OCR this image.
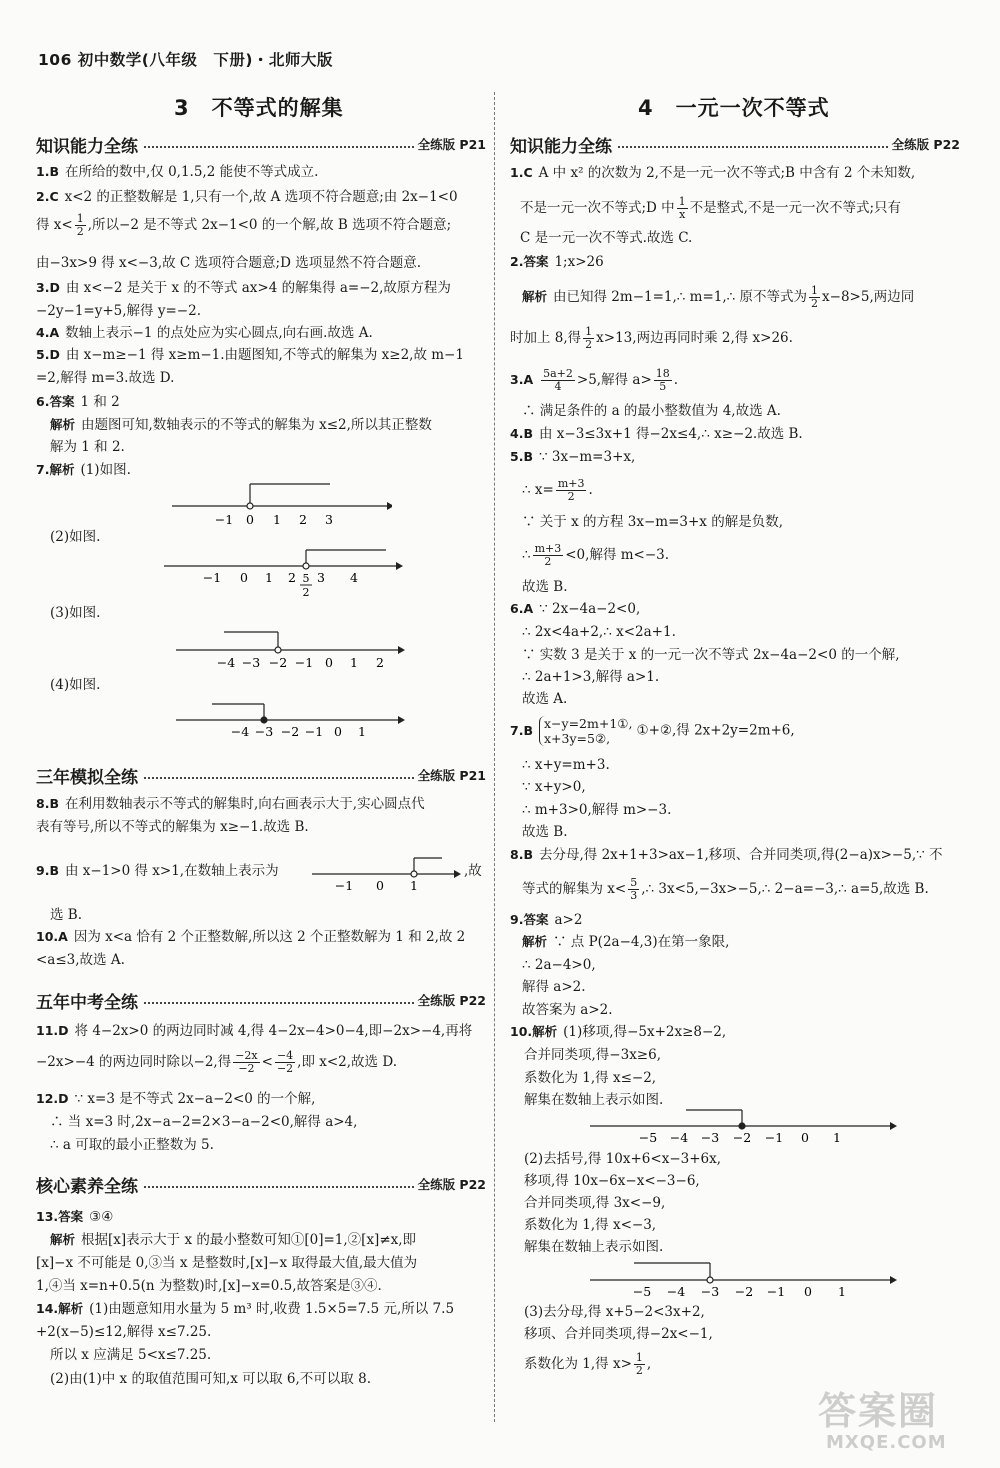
106 初中数学(八年级　下册)・北师大版
3　不等式的解集
知识能力全练	全练版 P21
1.B 在所给的数中,仅 0,1.5,2 能使不等式成立.
2.C x<2 的正整数解是 1,只有一个,故 A 选项不符合题意;由 2x−1<0
得 $x< \frac{1}{2}$ ,所以−2 是不等式 2x−1<0 的一个解,故 B 选项不符合题意;
由−3x>9 得 x<−3,故 C 选项符合题意;D 选项显然不符合题意.
3.D 由 x<−2 是关于 x 的不等式 ax>4 的解集得 a=−2,故原方程为
−2y−1=y+5,解得 y=−2.
4.A 数轴上表示−1 的点处应为实心圆点,向右画.故选 A.
5.D 由 x−m≥−1 得 x≥m−1.由题图知,不等式的解集为 x≥2,故 m−1
=2,解得 m=3.故选 D.
6.答案 1 和 2
解析 由题图可知,数轴表示的不等式的解集为 x≤2,所以其正整数
解为 1 和 2.
7.解析 (1)如图.
−1 0 1 2 3
(2)如图.
−1 0 1 2 3 4
5
2
(3)如图.
−4 −3 −2 −1 0 1 2
(4)如图.
−4 −3 −2 −1 0 1
三年模拟全练	全练版 P21
8.B 在利用数轴表示不等式的解集时,向右画表示大于,实心圆点代
表有等号,所以不等式的解集为 x≥−1.故选 B.
9.B 由 x−1>0 得 x>1,在数轴上表示为
−1 0 1
,故
选 B.
10.A 因为 x<a 恰有 2 个正整数解,所以这 2 个正整数解为 1 和 2,故 2
<a≤3,故选 A.
五年中考全练	全练版 P22
11.D 将 4−2x>0 的两边同时减 4,得 4−2x−4>0−4,即−2x>−4,再将
−2x>−4 的两边同时除以−2,得 $\frac{-2x}{-2} < \frac{-4}{-2}$ ,即 x<2,故选 D.
12.D ∵ x=3 是不等式 2x−a−2<0 的一个解,
∴ 当 x=3 时,2x−a−2=2×3−a−2<0,解得 a>4,
∴ a 可取的最小正整数为 5.
核心素养全练	全练版 P22
13.答案 ③④
解析 根据[x]表示大于 x 的最小整数可知①[0]=1,②[x]≠x,即
[x]−x 不可能是 0,③当 x 是整数时,[x]−x 取得最大值,最大值为
1,④当 x=n+0.5(n 为整数)时,[x]−x=0.5,故答案是③④.
14.解析 (1)由题意知用水量为 5 m³ 时,收费 1.5×5=7.5 元,所以 7.5
+2(x−5)≤12,解得 x≤7.25.
所以 x 应满足 5<x≤7.25.
(2)由(1)中 x 的取值范围可知,x 可以取 6,不可以取 8.
4　一元一次不等式
知识能力全练	全练版 P22
1.C A 中 x² 的次数为 2,不是一元一次不等式;B 中含有 2 个未知数,
不是一元一次不等式;D 中 $\frac{1}{x}$ 不是整式,不是一元一次不等式;只有
C 是一元一次不等式.故选 C.
2.答案 1;x>26
解析 由已知得 2m−1=1,∴ m=1,∴ 原不等式为 $\frac{1}{2} x-8>5$,两边同
时加上 8,得 $\frac{1}{2} x>13$,两边再同时乘 2,得 x>26.
$3.A \frac{5a+2}{4} >5$,解得 $a> \frac{18}{5}$ .
∴ 满足条件的 a 的最小整数值为 4,故选 A.
4.B 由 x−3≤3x+1 得−2x≤4,∴ x≥−2.故选 B.
5.B ∵ 3x−m=3+x,
∴ $x= \frac{m+3}{2}$ .
∵ 关于 x 的方程 3x−m=3+x 的解是负数,
∴ $\frac{m+3}{2} <0$,解得 m<−3.
故选 B.
6.A ∵ 2x−4a−2<0,
∴ 2x<4a+2,∴ x<2a+1.
∵ 实数 3 是关于 x 的一元一次不等式 2x−4a−2<0 的一个解,
∴ 2a+1>3,解得 a>1.
故选 A.
7.B x−y=2m+1①,
x+3y=5②,	①+②,得 2x+2y=2m+6,
∴ x+y=m+3.
∵ x+y>0,
∴ m+3>0,解得 m>−3.
故选 B.
8.B 去分母,得 2x+1+3>ax−1,移项、合并同类项,得(2−a)x>−5,∵ 不
等式的解集为 $x< \frac{5}{3}$ ,∴ 3x<5,−3x>−5,∴ 2−a=−3,∴ a=5,故选 B.
9.答案 a>2
解析 ∵ 点 P(2a−4,3)在第一象限,
∴ 2a−4>0,
解得 a>2.
故答案为 a>2.
10.解析 (1)移项,得−5x+2x≥8−2,
合并同类项,得−3x≥6,
系数化为 1,得 x≤−2,
解集在数轴上表示如图.
−5 −4 −3 −2 −1 0 1
(2)去括号,得 10x+6<x−3+6x,
移项,得 10x−6x−x<−3−6,
合并同类项,得 3x<−9,
系数化为 1,得 x<−3,
解集在数轴上表示如图.
−5 −4 −3 −2 −1 0 1
(3)去分母,得 x+5−2<3x+2,
移项、合并同类项,得−2x<−1,
系数化为 1,得 $x> \frac{1}{2}$ ,
答案圈
MXQE.COM
